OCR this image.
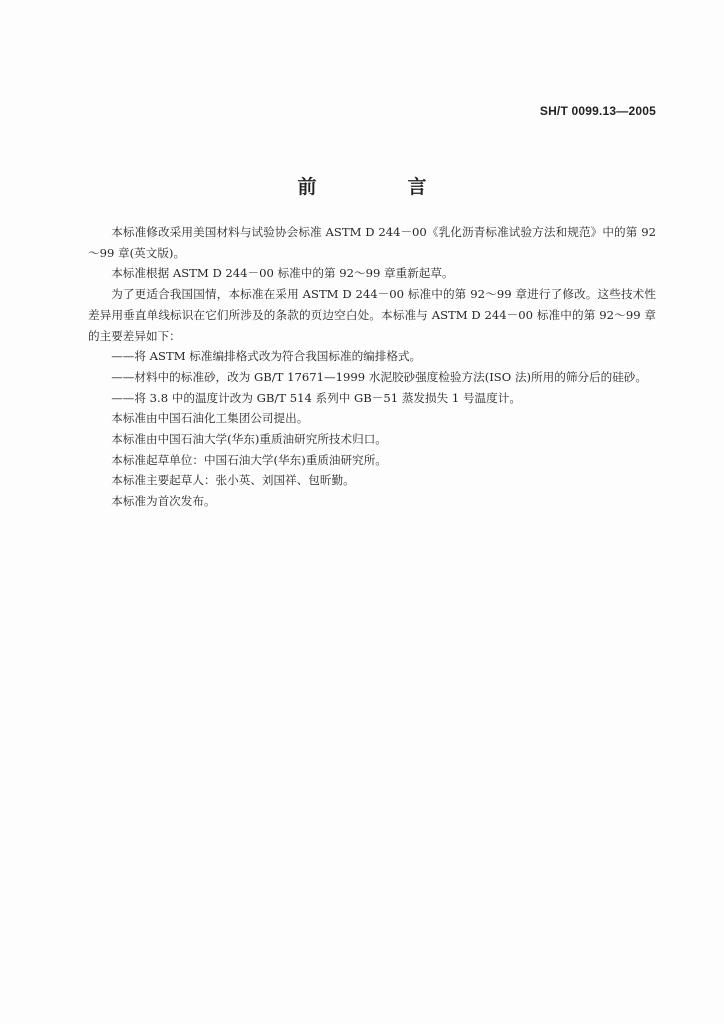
SH/T 0099.13—2005
前　言

本标准修改采用美国材料与试验协会标准 ASTM D 244－00《乳化沥青标准试验方法和规范》中的第 92～99 章(英文版)。

本标准根据 ASTM D 244－00 标准中的第 92～99 章重新起草。

为了更适合我国国情，本标准在采用 ASTM D 244－00 标准中的第 92～99 章进行了修改。这些技术性差异用垂直单线标识在它们所涉及的条款的页边空白处。本标准与 ASTM D 244－00 标准中的第 92～99 章的主要差异如下：

——将 ASTM 标准编排格式改为符合我国标准的编排格式。

——材料中的标准砂，改为 GB/T 17671—1999 水泥胶砂强度检验方法(ISO 法)所用的筛分后的硅砂。

——将 3.8 中的温度计改为 GB/T 514 系列中 GB－51 蒸发损失 1 号温度计。

本标准由中国石油化工集团公司提出。

本标准由中国石油大学(华东)重质油研究所技术归口。

本标准起草单位：中国石油大学(华东)重质油研究所。

本标准主要起草人：张小英、刘国祥、包昕勤。

本标准为首次发布。
